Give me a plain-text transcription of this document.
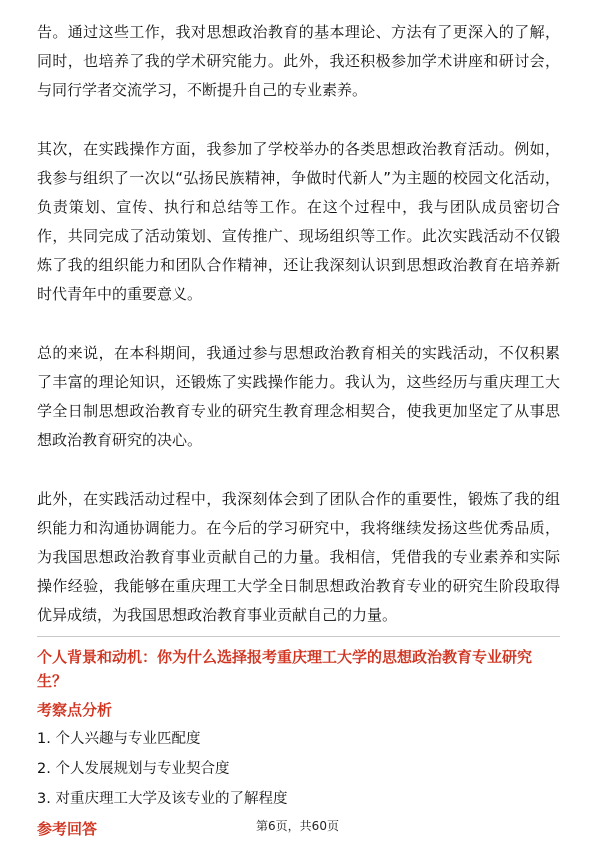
告。通过这些工作，我对思想政治教育的基本理论、方法有了更深入的了解，同时，也培养了我的学术研究能力。此外，我还积极参加学术讲座和研讨会，与同行学者交流学习，不断提升自己的专业素养。

其次，在实践操作方面，我参加了学校举办的各类思想政治教育活动。例如，我参与组织了一次以“弘扬民族精神，争做时代新人”为主题的校园文化活动，负责策划、宣传、执行和总结等工作。在这个过程中，我与团队成员密切合作，共同完成了活动策划、宣传推广、现场组织等工作。此次实践活动不仅锻炼了我的组织能力和团队合作精神，还让我深刻认识到思想政治教育在培养新时代青年中的重要意义。

总的来说，在本科期间，我通过参与思想政治教育相关的实践活动，不仅积累了丰富的理论知识，还锻炼了实践操作能力。我认为，这些经历与重庆理工大学全日制思想政治教育专业的研究生教育理念相契合，使我更加坚定了从事思想政治教育研究的决心。

此外，在实践活动过程中，我深刻体会到了团队合作的重要性，锻炼了我的组织能力和沟通协调能力。在今后的学习研究中，我将继续发扬这些优秀品质，为我国思想政治教育事业贡献自己的力量。我相信，凭借我的专业素养和实际操作经验，我能够在重庆理工大学全日制思想政治教育专业的研究生阶段取得优异成绩，为我国思想政治教育事业贡献自己的力量。

个人背景和动机：你为什么选择报考重庆理工大学的思想政治教育专业研究生？
考察点分析
1. 个人兴趣与专业匹配度
2. 个人发展规划与专业契合度
3. 对重庆理工大学及该专业的了解程度
参考回答	第6页，共60页
